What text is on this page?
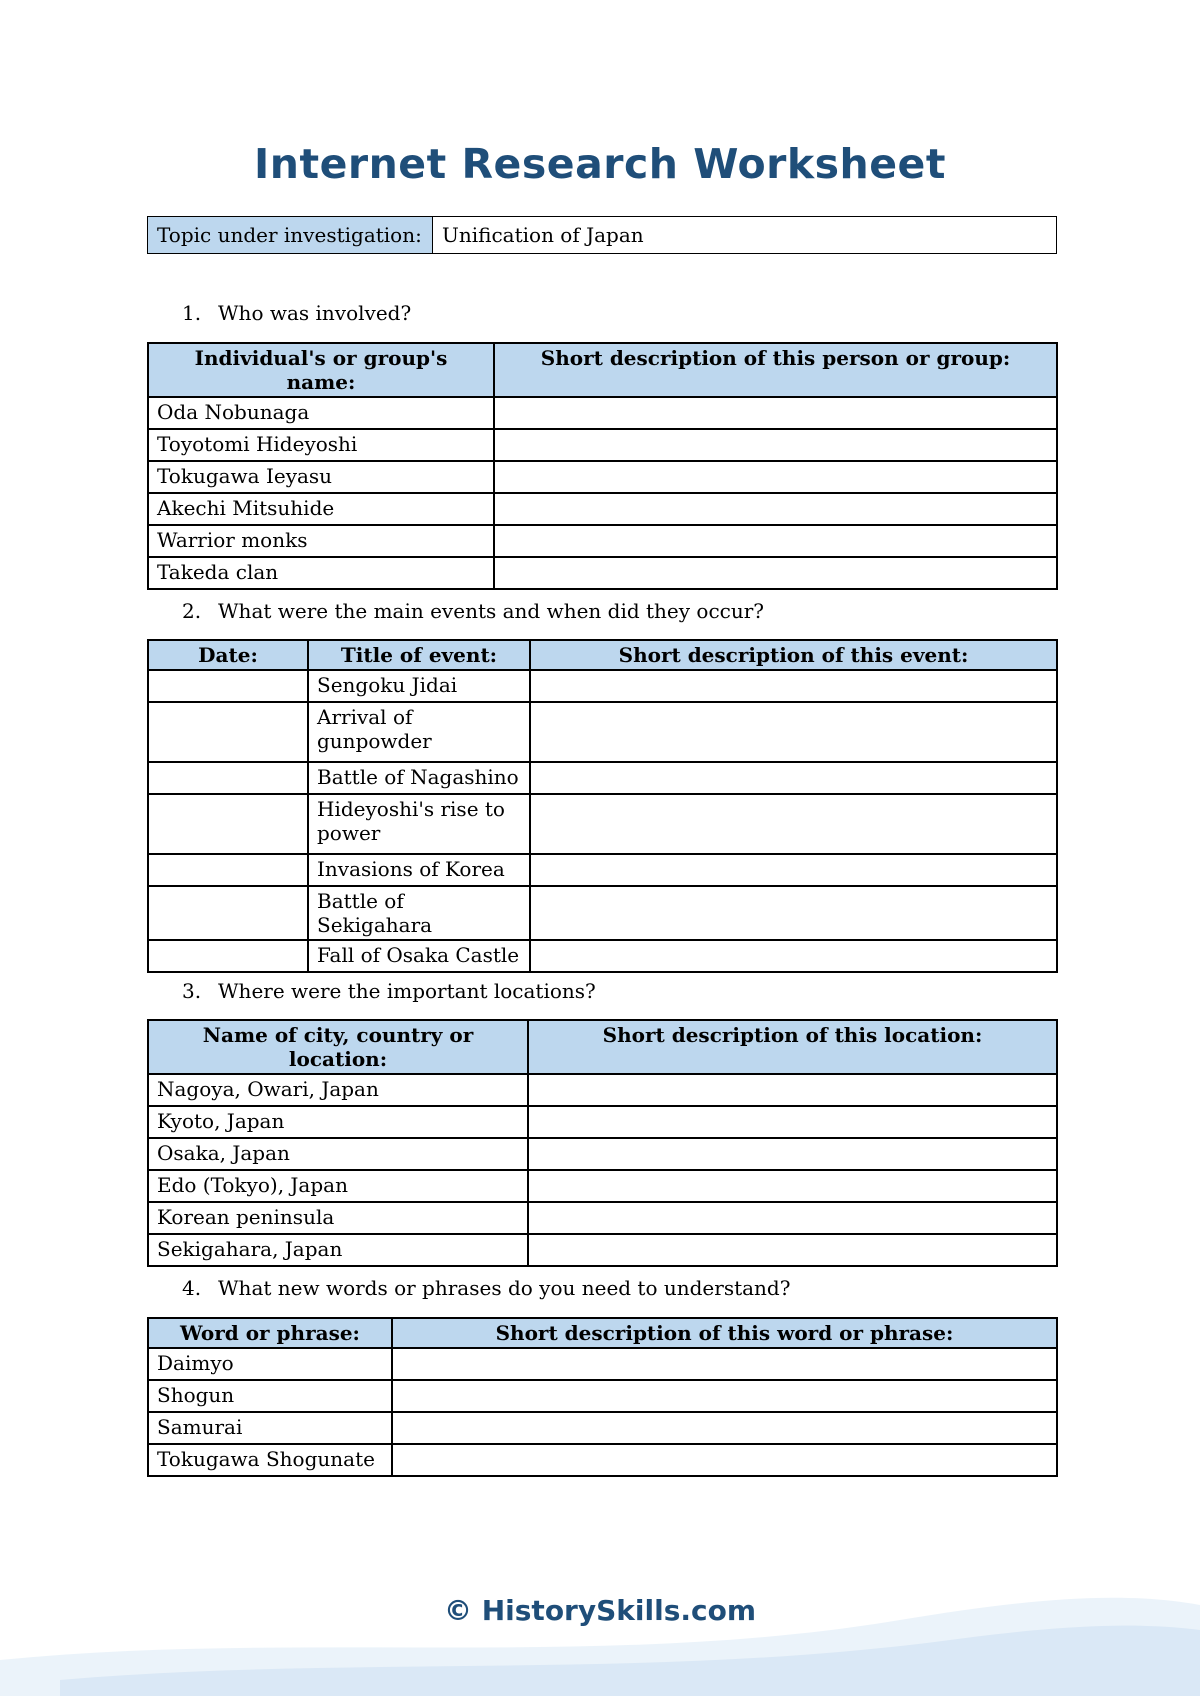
Internet Research Worksheet
Topic under investigation:	Unification of Japan
1. Who was involved?
Individual's or group's name:	Short description of this person or group:
Oda Nobunaga	
Toyotomi Hideyoshi	
Tokugawa Ieyasu	
Akechi Mitsuhide	
Warrior monks	
Takeda clan	
2. What were the main events and when did they occur?
Date:	Title of event:	Short description of this event:
	Sengoku Jidai	
	Arrival of gunpowder	
	Battle of Nagashino	
	Hideyoshi's rise to power	
	Invasions of Korea	
	Battle of Sekigahara	
	Fall of Osaka Castle	
3. Where were the important locations?
Name of city, country or location:	Short description of this location:
Nagoya, Owari, Japan	
Kyoto, Japan	
Osaka, Japan	
Edo (Tokyo), Japan	
Korean peninsula	
Sekigahara, Japan	
4. What new words or phrases do you need to understand?
Word or phrase:	Short description of this word or phrase:
Daimyo	
Shogun	
Samurai	
Tokugawa Shogunate	
© HistorySkills.com
